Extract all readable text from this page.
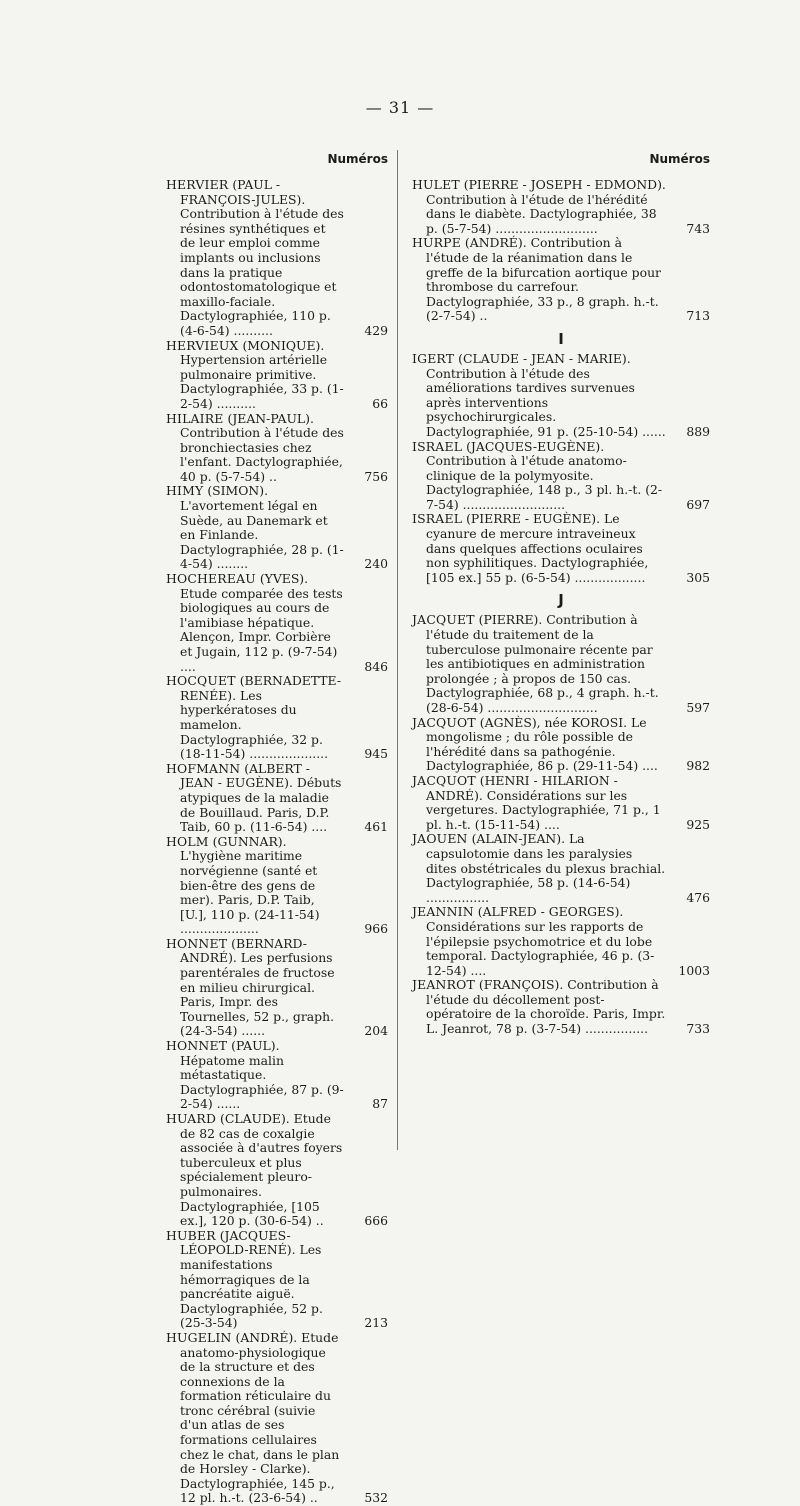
— 31 —
Numéros
HERVIER (PAUL - FRANÇOIS-JULES). Contribution à l'étude des résines synthétiques et de leur emploi comme implants ou inclusions dans la pratique odontostomatologique et maxillo-faciale. Dactylographiée, 110 p. (4-6-54) ..........	429
HERVIEUX (MONIQUE). Hypertension artérielle pulmonaire primitive. Dactylographiée, 33 p. (1-2-54) ..........	66
HILAIRE (JEAN-PAUL). Contribution à l'étude des bronchiectasies chez l'enfant. Dactylographiée, 40 p. (5-7-54) ..	756
HIMY (SIMON). L'avortement légal en Suède, au Danemark et en Finlande. Dactylographiée, 28 p. (1-4-54) ........	240
HOCHEREAU (YVES). Etude comparée des tests biologiques au cours de l'amibiase hépatique. Alençon, Impr. Corbière et Jugain, 112 p. (9-7-54) ....	846
HOCQUET (BERNADETTE-RENÉE). Les hyperkératoses du mamelon. Dactylographiée, 32 p. (18-11-54) ....................	945
HOFMANN (ALBERT - JEAN - EUGÈNE). Débuts atypiques de la maladie de Bouillaud. Paris, D.P. Taib, 60 p. (11-6-54) ....	461
HOLM (GUNNAR). L'hygiène maritime norvégienne (santé et bien-être des gens de mer). Paris, D.P. Taib, [U.], 110 p. (24-11-54) ....................	966
HONNET (BERNARD-ANDRÉ). Les perfusions parentérales de fructose en milieu chirurgical. Paris, Impr. des Tournelles, 52 p., graph. (24-3-54) ......	204
HONNET (PAUL). Hépatome malin métastatique. Dactylographiée, 87 p. (9-2-54) ......	87
HUARD (CLAUDE). Etude de 82 cas de coxalgie associée à d'autres foyers tuberculeux et plus spécialement pleuro-pulmonaires. Dactylographiée, [105 ex.], 120 p. (30-6-54) ..	666
HUBER (JACQUES-LÉOPOLD-RENÉ). Les manifestations hémorragiques de la pancréatite aiguë. Dactylographiée, 52 p. (25-3-54)	213
HUGELIN (ANDRÉ). Etude anatomo-physiologique de la structure et des connexions de la formation réticulaire du tronc cérébral (suivie d'un atlas de ses formations cellulaires chez le chat, dans le plan de Horsley - Clarke). Dactylographiée, 145 p., 12 pl. h.-t. (23-6-54) ..	532
Numéros
HULET (PIERRE - JOSEPH - EDMOND). Contribution à l'étude de l'hérédité dans le diabète. Dactylographiée, 38 p. (5-7-54) ..........................	743
HURPE (ANDRÉ). Contribution à l'étude de la réanimation dans le greffe de la bifurcation aortique pour thrombose du carrefour. Dactylographiée, 33 p., 8 graph. h.-t. (2-7-54) ..	713
I
IGERT (CLAUDE - JEAN - MARIE). Contribution à l'étude des améliorations tardives survenues après interventions psychochirurgicales. Dactylographiée, 91 p. (25-10-54) ...... 889
ISRAEL (JACQUES-EUGÈNE). Contribution à l'étude anatomo-clinique de la polymyosite. Dactylographiée, 148 p., 3 pl. h.-t. (2-7-54) ..........................	697
ISRAEL (PIERRE - EUGÈNE). Le cyanure de mercure intraveineux dans quelques affections oculaires non syphilitiques. Dactylographiée, [105 ex.] 55 p. (6-5-54) ..................	305
J
JACQUET (PIERRE). Contribution à l'étude du traitement de la tuberculose pulmonaire récente par les antibiotiques en administration prolongée ; à propos de 150 cas. Dactylographiée, 68 p., 4 graph. h.-t. (28-6-54) ............................	597
JACQUOT (AGNÈS), née KOROSI. Le mongolisme ; du rôle possible de l'hérédité dans sa pathogénie. Dactylographiée, 86 p. (29-11-54) .... 982
JACQUOT (HENRI - HILARION - ANDRÉ). Considérations sur les vergetures. Dactylographiée, 71 p., 1 pl. h.-t. (15-11-54) ....	925
JAOUEN (ALAIN-JEAN). La capsulotomie dans les paralysies dites obstétricales du plexus brachial. Dactylographiée, 58 p. (14-6-54) ................	476
JEANNIN (ALFRED - GEORGES). Considérations sur les rapports de l'épilepsie psychomotrice et du lobe temporal. Dactylographiée, 46 p. (3-12-54) ....	1003
JEANROT (FRANÇOIS). Contribution à l'étude du décollement post-opératoire de la choroïde. Paris, Impr. L. Jeanrot, 78 p. (3-7-54) ................	733
